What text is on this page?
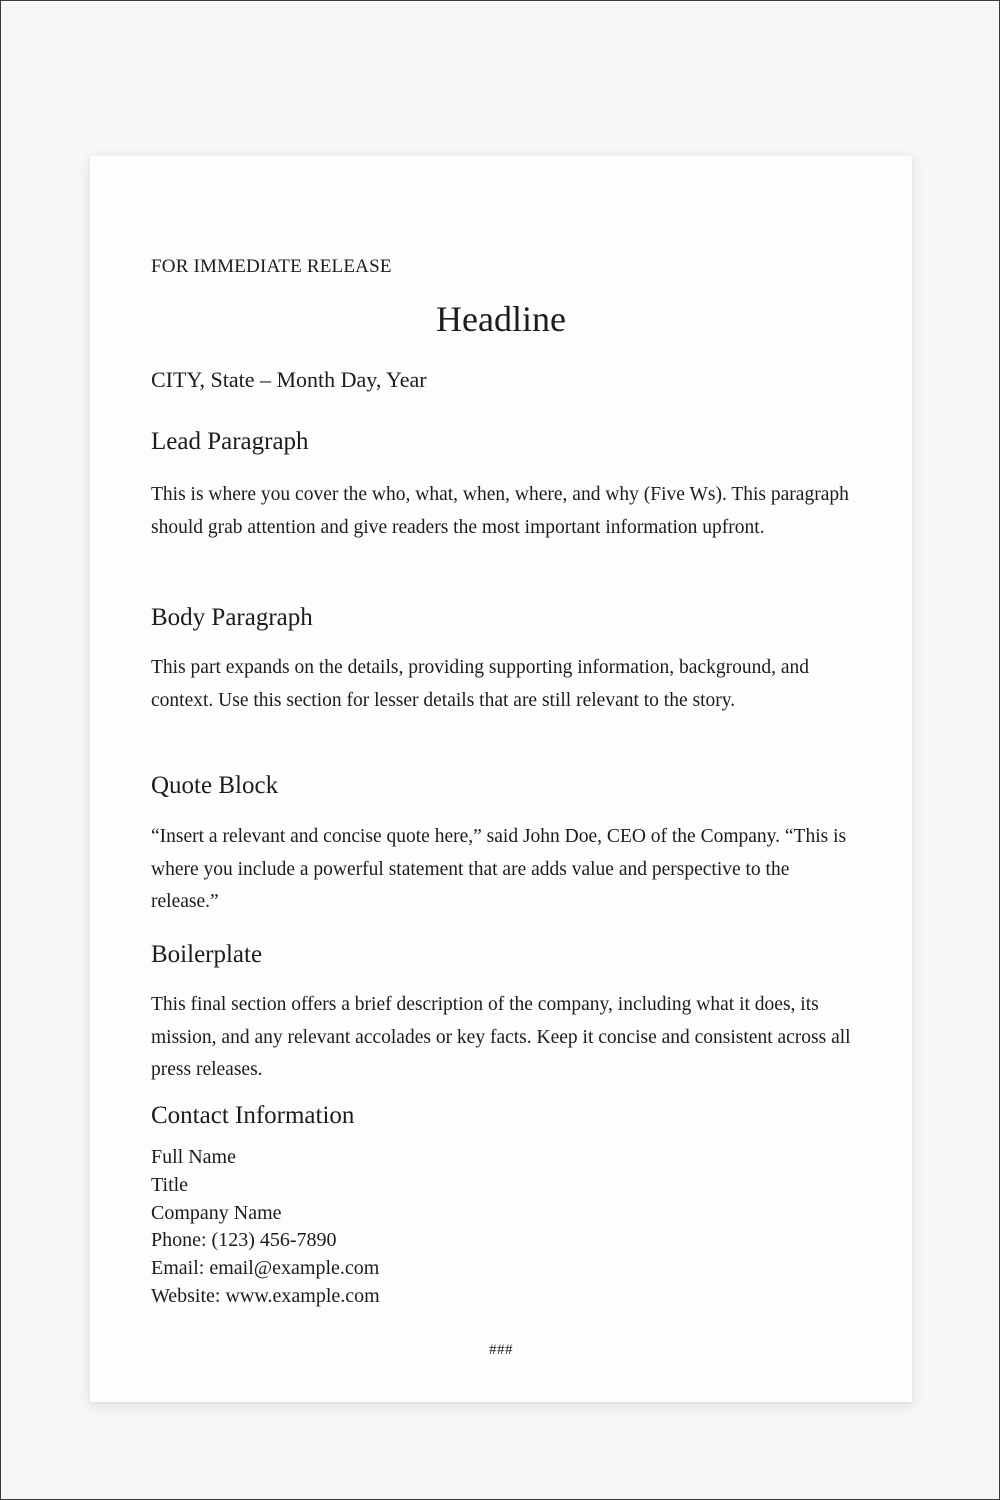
FOR IMMEDIATE RELEASE
Headline
CITY, State – Month Day, Year
Lead Paragraph

This is where you cover the who, what, when, where, and why (Five Ws). This paragraph should grab attention and give readers the most important information upfront.

Body Paragraph

This part expands on the details, providing supporting information, background, and context. Use this section for lesser details that are still relevant to the story.

Quote Block

“Insert a relevant and concise quote here,” said John Doe, CEO of the Company. “This is where you include a powerful statement that are adds value and perspective to the release.”

Boilerplate

This final section offers a brief description of the company, including what it does, its mission, and any relevant accolades or key facts. Keep it concise and consistent across all press releases.

Contact Information
Full Name
Title
Company Name
Phone: (123) 456-7890
Email: email@example.com
Website: www.example.com
###
